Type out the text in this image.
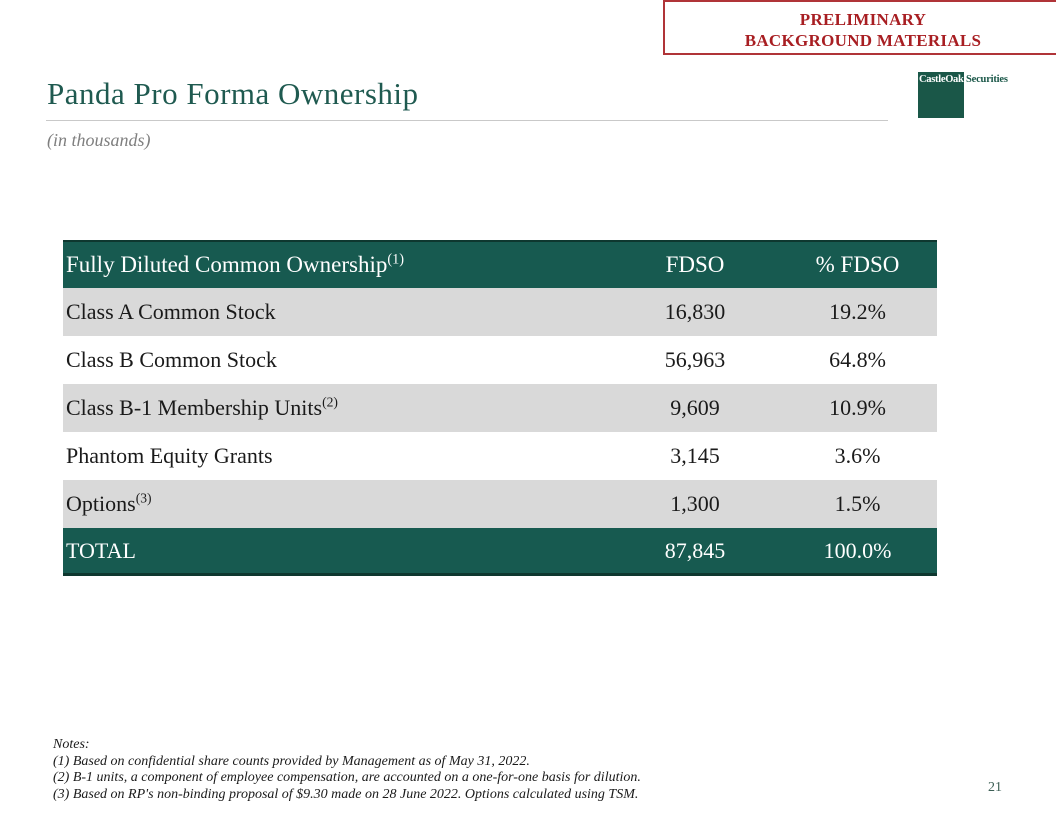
PRELIMINARY
BACKGROUND MATERIALS
CastleOak Securities
Panda Pro Forma Ownership
(in thousands)
Fully Diluted Common Ownership$^{(1)}$	FDSO	% FDSO
Class A Common Stock	16,830	19.2%
Class B Common Stock	56,963	64.8%
Class B-1 Membership Units$^{(2)}$	9,609	10.9%
Phantom Equity Grants	3,145	3.6%
Options$^{(3)}$	1,300	1.5%
TOTAL	87,845	100.0%
Notes:
(1) Based on confidential share counts provided by Management as of May 31, 2022.
(2) B-1 units, a component of employee compensation, are accounted on a one-for-one basis for dilution.
(3) Based on RP's non-binding proposal of $9.30 made on 28 June 2022. Options calculated using TSM.	21
